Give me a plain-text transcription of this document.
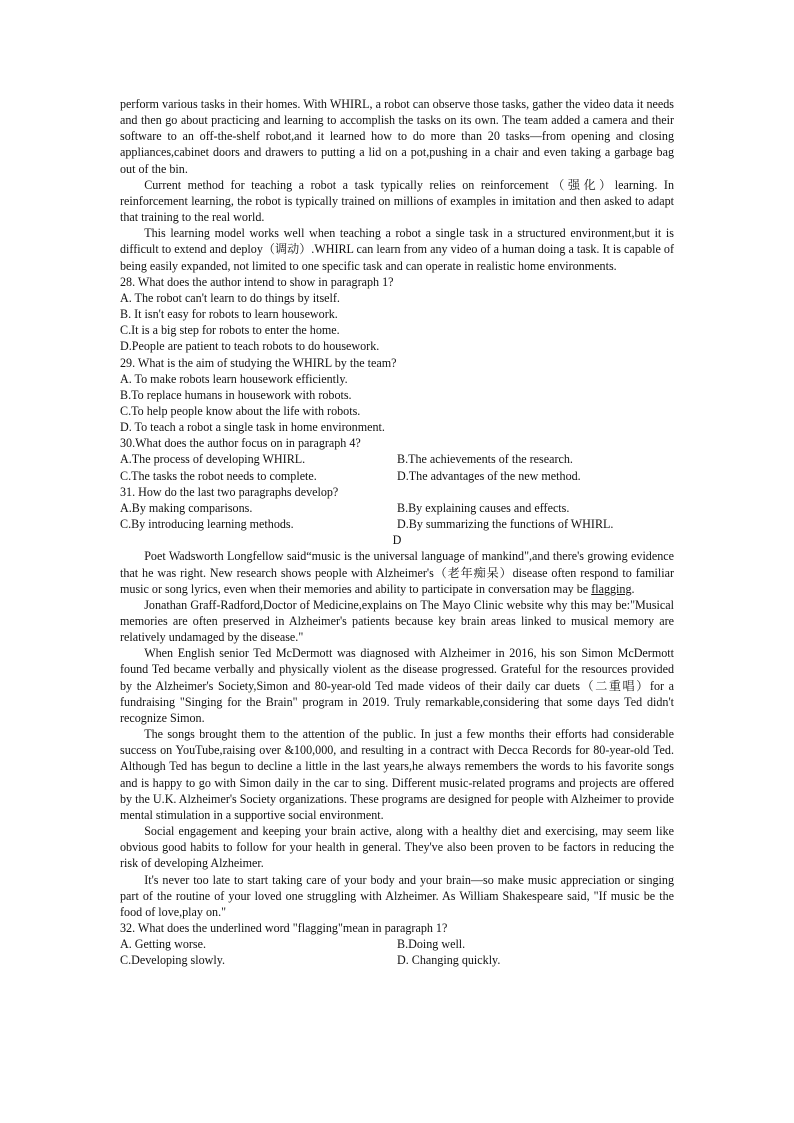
perform various tasks in their homes. With WHIRL, a robot can observe those tasks, gather the video data it needs and then go about practicing and learning to accomplish the tasks on its own. The team added a camera and their software to an off-the-shelf robot,and it learned how to do more than 20 tasks—from opening and closing appliances,cabinet doors and drawers to putting a lid on a pot,pushing in a chair and even taking a garbage bag out of the bin.

Current method for teaching a robot a task typically relies on reinforcement（强化）learning. In reinforcement learning, the robot is typically trained on millions of examples in imitation and then asked to adapt that training to the real world.

This learning model works well when teaching a robot a single task in a structured environment,but it is difficult to extend and deploy（调动）.WHIRL can learn from any video of a human doing a task. It is capable of being easily expanded, not limited to one specific task and can operate in realistic home environments.

28. What does the author intend to show in paragraph 1?

A. The robot can't learn to do things by itself.

B. It isn't easy for robots to learn housework.

C.It is a big step for robots to enter the home.

D.People are patient to teach robots to do housework.

29. What is the aim of studying the WHIRL by the team?

A. To make robots learn housework efficiently.

B.To replace humans in housework with robots.

C.To help people know about the life with robots.

D. To teach a robot a single task in home environment.

30.What does the author focus on in paragraph 4?

A.The process of developing WHIRL.	B.The achievements of the research.
C.The tasks the robot needs to complete.	D.The advantages of the new method.

31. How do the last two paragraphs develop?

A.By making comparisons.	B.By explaining causes and effects.
C.By introducing learning methods.	D.By summarizing the functions of WHIRL.

D

Poet Wadsworth Longfellow said“music is the universal language of mankind",and there's growing evidence that he was right. New research shows people with Alzheimer's（老年痴呆）disease often respond to familiar music or song lyrics, even when their memories and ability to participate in conversation may be flagging.

Jonathan Graff-Radford,Doctor of Medicine,explains on The Mayo Clinic website why this may be:"Musical memories are often preserved in Alzheimer's patients because key brain areas linked to musical memory are relatively undamaged by the disease."

When English senior Ted McDermott was diagnosed with Alzheimer in 2016, his son Simon McDermott found Ted became verbally and physically violent as the disease progressed. Grateful for the resources provided by the Alzheimer's Society,Simon and 80-year-old Ted made videos of their daily car duets（二重唱）for a fundraising "Singing for the Brain" program in 2019. Truly remarkable,considering that some days Ted didn't recognize Simon.

The songs brought them to the attention of the public. In just a few months their efforts had considerable success on YouTube,raising over &100,000, and resulting in a contract with Decca Records for 80-year-old Ted. Although Ted has begun to decline a little in the last years,he always remembers the words to his favorite songs and is happy to go with Simon daily in the car to sing. Different music-related programs and projects are offered by the U.K. Alzheimer's Society organizations. These programs are designed for people with Alzheimer to provide mental stimulation in a supportive social environment.

Social engagement and keeping your brain active, along with a healthy diet and exercising, may seem like obvious good habits to follow for your health in general. They've also been proven to be factors in reducing the risk of developing Alzheimer.

It's never too late to start taking care of your body and your brain—so make music appreciation or singing part of the routine of your loved one struggling with Alzheimer. As William Shakespeare said, "If music be the food of love,play on."

32. What does the underlined word "flagging"mean in paragraph 1?

A. Getting worse.	B.Doing well.
C.Developing slowly.	D. Changing quickly.
